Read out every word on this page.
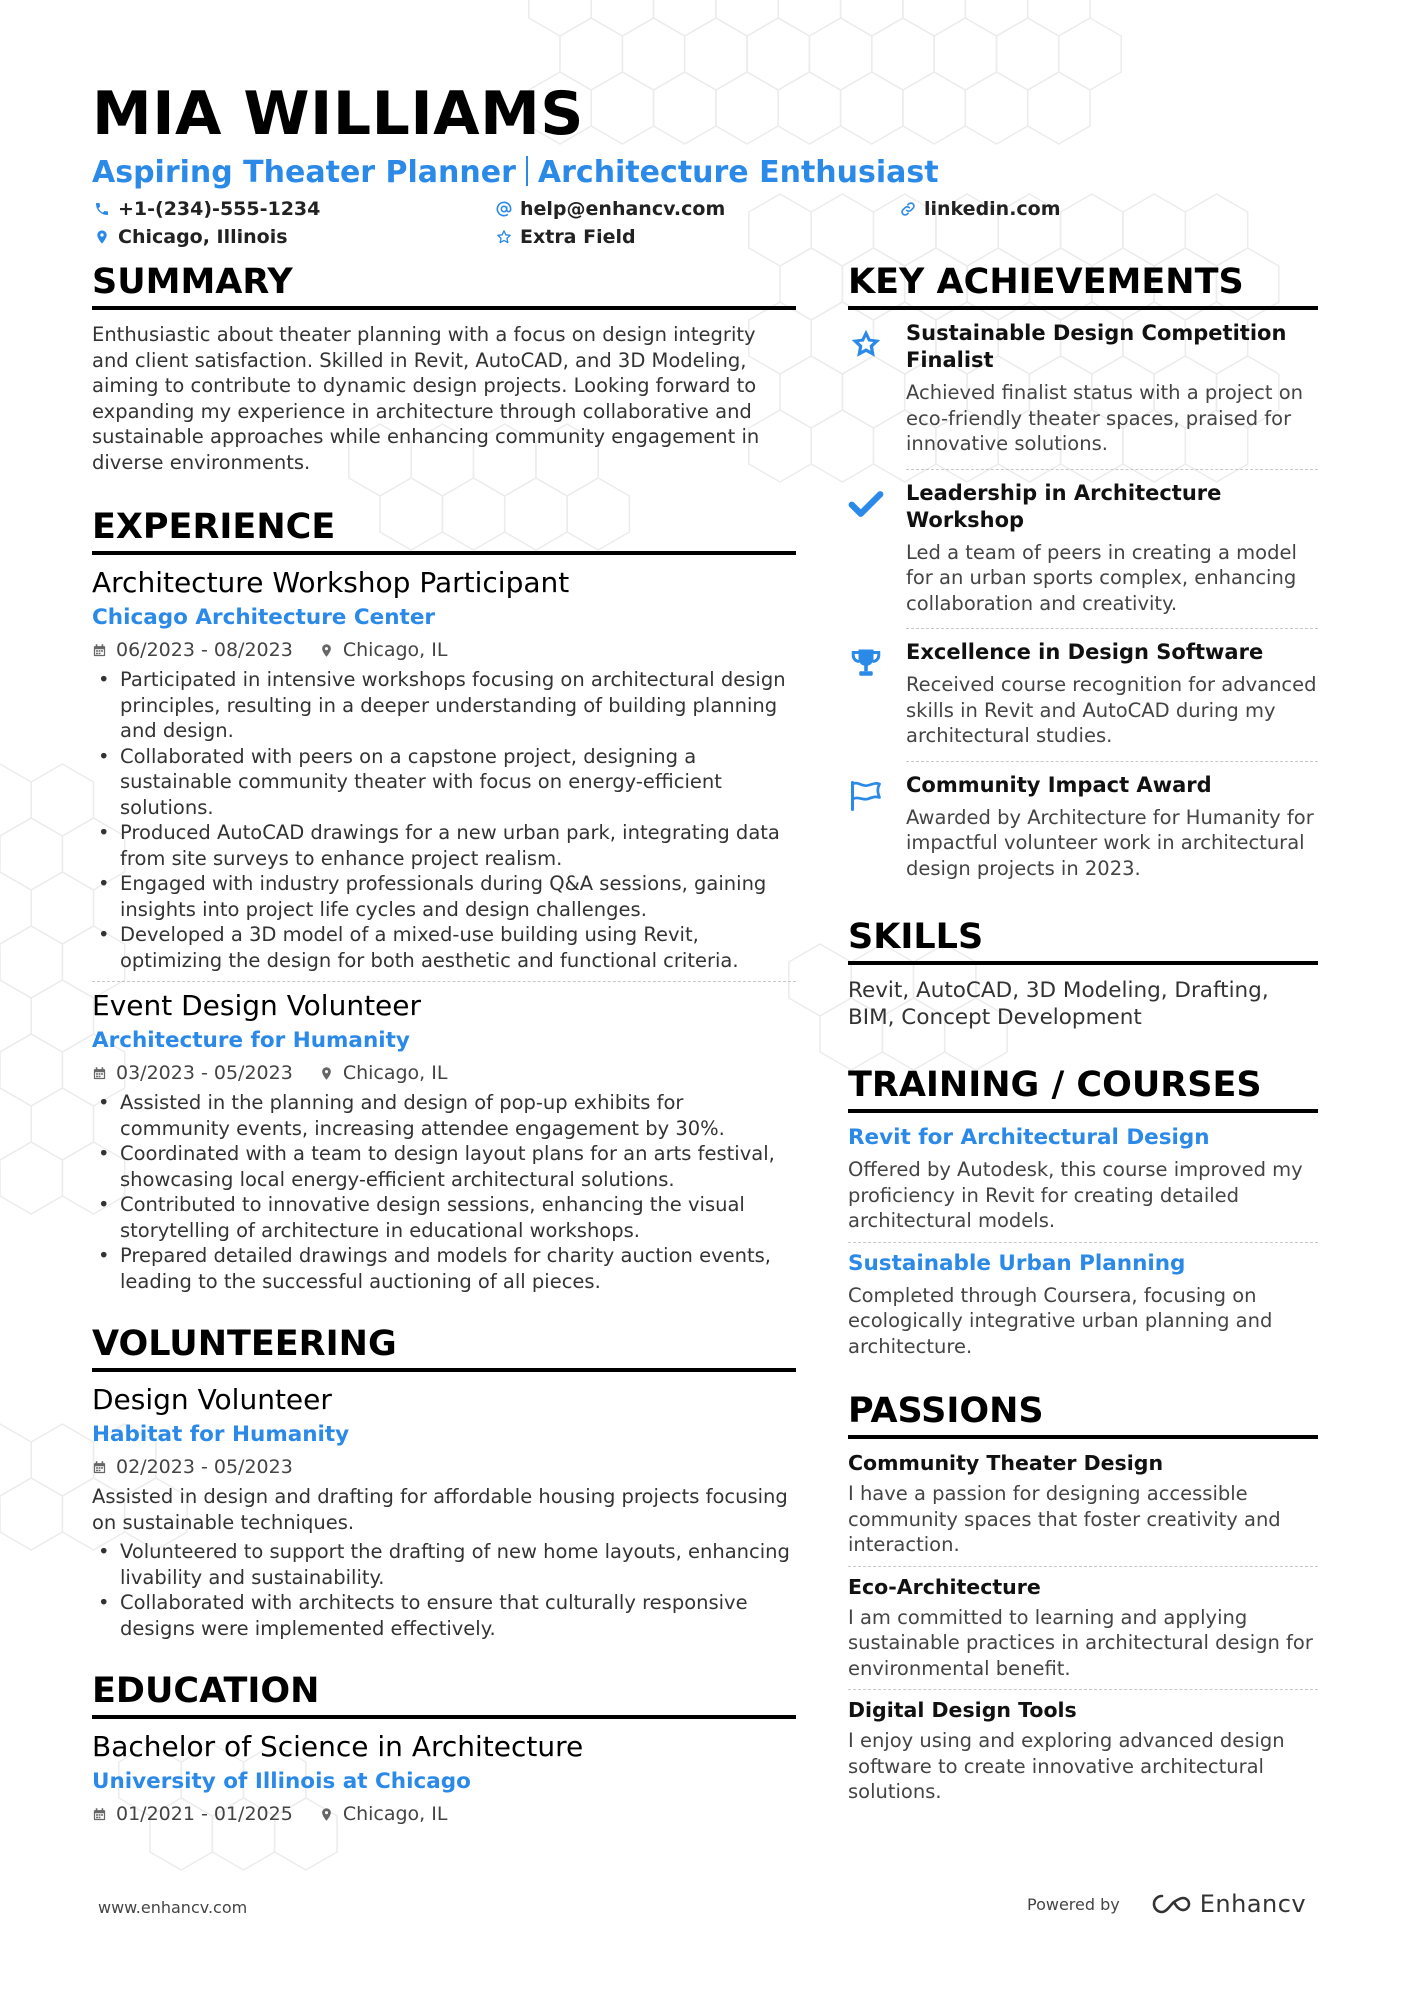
MIA WILLIAMS
Aspiring Theater Planner Architecture Enthusiast
+1-(234)-555-1234	help@enhancv.com	linkedin.com
Chicago, Illinois	Extra Field
SUMMARY
Enthusiastic about theater planning with a focus on design integrity and client satisfaction. Skilled in Revit, AutoCAD, and 3D Modeling, aiming to contribute to dynamic design projects. Looking forward to expanding my experience in architecture through collaborative and sustainable approaches while enhancing community engagement in diverse environments.
EXPERIENCE
Architecture Workshop Participant
Chicago Architecture Center
06/2023 - 08/2023	Chicago, IL
• Participated in intensive workshops focusing on architectural design principles, resulting in a deeper understanding of building planning and design.
• Collaborated with peers on a capstone project, designing a sustainable community theater with focus on energy-efficient solutions.
• Produced AutoCAD drawings for a new urban park, integrating data from site surveys to enhance project realism.
• Engaged with industry professionals during Q&A sessions, gaining insights into project life cycles and design challenges.
• Developed a 3D model of a mixed-use building using Revit, optimizing the design for both aesthetic and functional criteria.
Event Design Volunteer
Architecture for Humanity
03/2023 - 05/2023	Chicago, IL
• Assisted in the planning and design of pop-up exhibits for community events, increasing attendee engagement by 30%.
• Coordinated with a team to design layout plans for an arts festival, showcasing local energy-efficient architectural solutions.
• Contributed to innovative design sessions, enhancing the visual storytelling of architecture in educational workshops.
• Prepared detailed drawings and models for charity auction events, leading to the successful auctioning of all pieces.
VOLUNTEERING
Design Volunteer
Habitat for Humanity
02/2023 - 05/2023
Assisted in design and drafting for affordable housing projects focusing on sustainable techniques.
• Volunteered to support the drafting of new home layouts, enhancing livability and sustainability.
• Collaborated with architects to ensure that culturally responsive designs were implemented effectively.
EDUCATION
Bachelor of Science in Architecture
University of Illinois at Chicago
01/2021 - 01/2025	Chicago, IL
KEY ACHIEVEMENTS
Sustainable Design Competition Finalist
Achieved finalist status with a project on eco-friendly theater spaces, praised for innovative solutions.
Leadership in Architecture Workshop
Led a team of peers in creating a model for an urban sports complex, enhancing collaboration and creativity.
Excellence in Design Software
Received course recognition for advanced skills in Revit and AutoCAD during my architectural studies.
Community Impact Award
Awarded by Architecture for Humanity for impactful volunteer work in architectural design projects in 2023.
SKILLS
Revit, AutoCAD, 3D Modeling, Drafting, BIM, Concept Development
TRAINING / COURSES
Revit for Architectural Design
Offered by Autodesk, this course improved my proficiency in Revit for creating detailed architectural models.
Sustainable Urban Planning
Completed through Coursera, focusing on ecologically integrative urban planning and architecture.
PASSIONS
Community Theater Design
I have a passion for designing accessible community spaces that foster creativity and interaction.
Eco-Architecture
I am committed to learning and applying sustainable practices in architectural design for environmental benefit.
Digital Design Tools
I enjoy using and exploring advanced design software to create innovative architectural solutions.
www.enhancv.com	Powered by	Enhancv
